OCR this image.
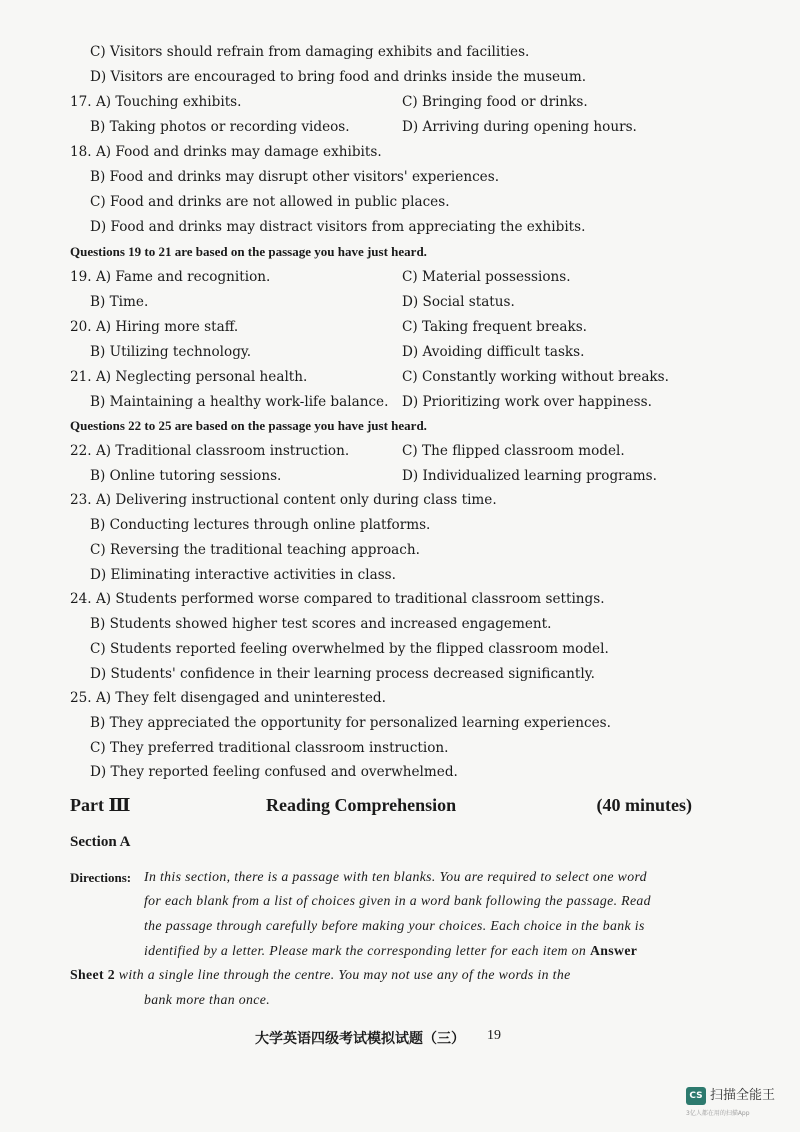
C) Visitors should refrain from damaging exhibits and facilities.
D) Visitors are encouraged to bring food and drinks inside the museum.
17. A) Touching exhibits.	C) Bringing food or drinks.
B) Taking photos or recording videos.	D) Arriving during opening hours.
18. A) Food and drinks may damage exhibits.
B) Food and drinks may disrupt other visitors' experiences.
C) Food and drinks are not allowed in public places.
D) Food and drinks may distract visitors from appreciating the exhibits.
Questions 19 to 21 are based on the passage you have just heard.
19. A) Fame and recognition.	C) Material possessions.
B) Time.	D) Social status.
20. A) Hiring more staff.	C) Taking frequent breaks.
B) Utilizing technology.	D) Avoiding difficult tasks.
21. A) Neglecting personal health.	C) Constantly working without breaks.
B) Maintaining a healthy work-life balance. D) Prioritizing work over happiness.
Questions 22 to 25 are based on the passage you have just heard.
22. A) Traditional classroom instruction.	C) The flipped classroom model.
B) Online tutoring sessions.	D) Individualized learning programs.
23. A) Delivering instructional content only during class time.
B) Conducting lectures through online platforms.
C) Reversing the traditional teaching approach.
D) Eliminating interactive activities in class.
24. A) Students performed worse compared to traditional classroom settings.
B) Students showed higher test scores and increased engagement.
C) Students reported feeling overwhelmed by the flipped classroom model.
D) Students' confidence in their learning process decreased significantly.
25. A) They felt disengaged and uninterested.
B) They appreciated the opportunity for personalized learning experiences.
C) They preferred traditional classroom instruction.
D) They reported feeling confused and overwhelmed.
Part Ⅲ	Reading Comprehension	(40 minutes)
Section A
Directions: In this section, there is a passage with ten blanks. You are required to select one word
for each blank from a list of choices given in a word bank following the passage. Read
the passage through carefully before making your choices. Each choice in the bank is
identified by a letter. Please mark the corresponding letter for each item on Answer
Sheet 2 with a single line through the centre. You may not use any of the words in the
bank more than once.
大学英语四级考试模拟试题（三） 19
CS 扫描全能王
3亿人都在用的扫描App
